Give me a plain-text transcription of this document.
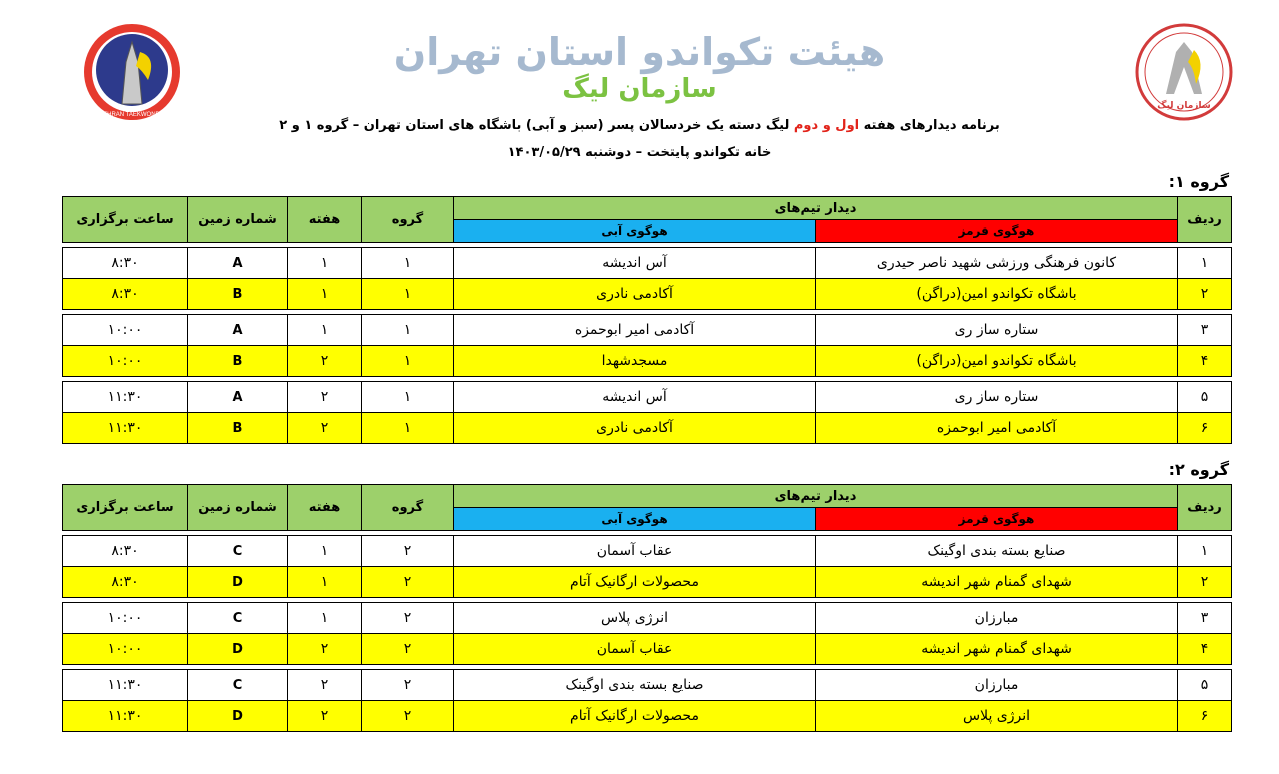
TEHRAN TAEKWONDO
سازمان لیگ
هیئت تکواندو استان تهران
سازمان لیگ
برنامه دیدارهای هفته اول و دوم لیگ دسته یک خردسالان پسر (سبز و آبی) باشگاه های استان تهران – گروه ۱ و ۲
خانه تکواندو پایتخت – دوشنبه ۱۴۰۳/۰۵/۲۹
گروه ۱:
ردیف	دیدار تیم‌های		گروه	هفته	شماره زمین	ساعت برگزاری
	هوگوی قرمز	هوگوی آبی				

۱	کانون فرهنگی ورزشی شهید ناصر حیدری	آس اندیشه	۱	۱	A	۸:۳۰
۲	باشگاه تکواندو امین(دراگن)	آکادمی نادری	۱	۱	B	۸:۳۰

۳	ستاره ساز ری	آکادمی امیر ابوحمزه	۱	۱	A	۱۰:۰۰
۴	باشگاه تکواندو امین(دراگن)	مسجدشهدا	۱	۲	B	۱۰:۰۰

۵	ستاره ساز ری	آس اندیشه	۱	۲	A	۱۱:۳۰
۶	آکادمی امیر ابوحمزه	آکادمی نادری	۱	۲	B	۱۱:۳۰
گروه ۲:
ردیف	دیدار تیم‌های		گروه	هفته	شماره زمین	ساعت برگزاری
	هوگوی قرمز	هوگوی آبی				

۱	صنایع بسته بندی اوگینک	عقاب آسمان	۲	۱	C	۸:۳۰
۲	شهدای گمنام شهر اندیشه	محصولات ارگانیک آتام	۲	۱	D	۸:۳۰

۳	مبارزان	انرژی پلاس	۲	۱	C	۱۰:۰۰
۴	شهدای گمنام شهر اندیشه	عقاب آسمان	۲	۲	D	۱۰:۰۰

۵	مبارزان	صنایع بسته بندی اوگینک	۲	۲	C	۱۱:۳۰
۶	انرژی پلاس	محصولات ارگانیک آتام	۲	۲	D	۱۱:۳۰
